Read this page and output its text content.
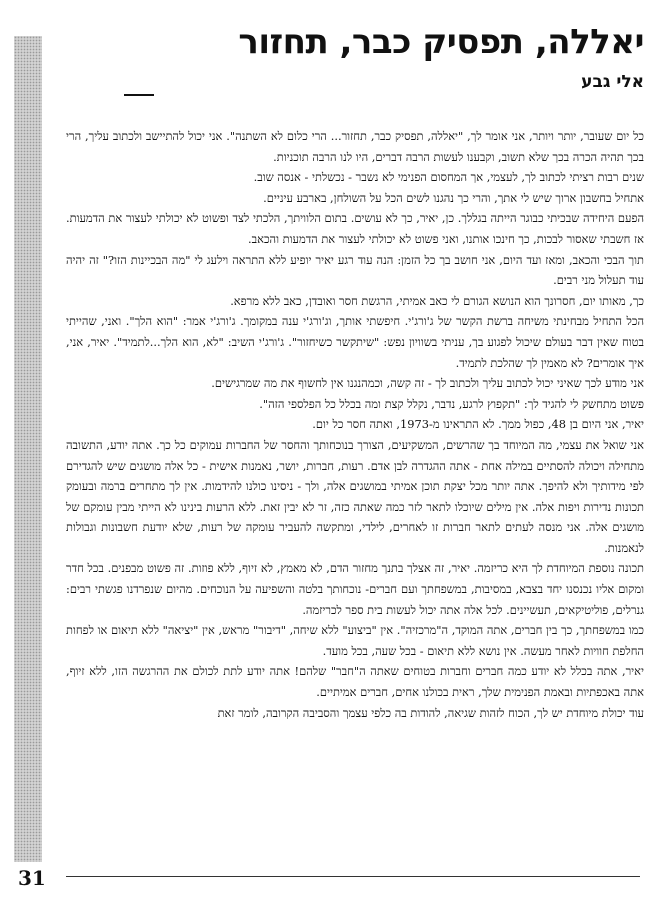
יאללה, תפסיק כבר, תחזור
אלי גבע

כל יום שעובר, יותר ויותר, אני אומר לך, "יאללה, תפסיק כבר, תחזור... הרי כלום לא השתנה". אני יכול להתיישב ולכתוב עליך, הרי בכך תהיה הכרה בכך שלא תשוב, וקבענו לעשות הרבה דברים, היו לנו הרבה תוכניות.

שנים רבות רציתי לכתוב לך, לעצמי, אך המחסום הפנימי לא נשבר - נכשלתי - אנסה שוב.

אתחיל בחשבון ארוך שיש לי אתך, והרי כך נהגנו לשים הכל על השולחן, בארבע עיניים.

הפעם היחידה שבכיתי כבוגר הייתה בגללך. כן, יאיר, כך לא עושים. בתום הלוויתך, הלכתי לצד ופשוט לא יכולתי לעצור את הדמעות. אז חשבתי שאסור לבכות, כך חינכו אותנו, ואני פשוט לא יכולתי לעצור את הדמעות והכאב.

תוך הבכי והכאב, ומאז ועד היום, אני חושב בך כל הזמן: הנה עוד רגע יאיר יופיע ללא התראה וילעג לי "מה הבכיינות הזו?" זה יהיה עוד תעלול מני רבים.

כך, מאותו יום, חסרונך הוא הנושא הגורם לי כאב אמיתי, הרגשת חסר ואובדן, כאב ללא מרפא.

הכל התחיל מבחינתי משיחה ברשת הקשר של ג'ורג'י. חיפשתי אותך, וג'ורג'י ענה במקומך. ג'ורג'י אמר: "הוא הלך". ואני, שהייתי בטוח שאין דבר בעולם שיכול לפגוע בך, עניתי בשוויון נפש: "שיתקשר כשיחזור". ג'ורג'י השיב: "לא, הוא הלך...לתמיד". יאיר, אני, איך אומרים? לא מאמין לך שהלכת לתמיד.

אני מודע לכך שאיני יכול לכתוב עליך ולכתוב לך - זה קשה, וכמהנגנו אין לחשוף את מה שמרגישים.

פשוט מתחשק לי להגיד לך: "תקפוץ לרגע, נדבר, נקלל קצת ומה בכלל כל הפלספי הזה".

יאיר, אני היום בן 48, כפול ממך. לא התראינו מ-1973, ואתה חסר כל יום.

אני שואל את עצמי, מה המיוחד בך שהרשים, המשקיעים, הצורך בנוכחותך והחסר של החברות עמוקים כל כך. אתה יודע, התשובה מתחילה ויכולה להסתיים במילה אחת - אתה ההגדרה לבן אדם. רעות, חברות, יושר, נאמנות אישית - כל אלה מושגים שיש להגדירם לפי מידותיך ולא להיפך. אתה יותר מכל יצקת תוכן אמיתי במושגים אלה, ולך - ניסינו כולנו להידמות. אין לך מתחרים ברמה ובעומק תכונות נדירות ויפות אלה. אין מילים שיוכלו לתאר לזר כמה שאתה כזה, זר לא יבין זאת. ללא הרעות בינינו לא הייתי מבין עומקם של מושגים אלה. אני מנסה לעתים לתאר חברות זו לאחרים, לילדי, ומתקשה להעביר עומקה של רעות, שלא יודעת חשבונות וגבולות לנאמנות.

תכונה נוספת המיוחדת לך היא כריזמה. יאיר, זה אצלך בתנך מחזור הדם, לא מאמץ, לא זיוף, ללא פוזות. זה פשוט מבפנים. בכל חדר ומקום אליו נכנסנו יחד בצבא, במסיבות, במשפחתך ועם חברים- נוכחותך בלטה והשפיעה על הנוכחים. מהיום שנפרדנו פגשתי רבים: גנרלים, פוליטיקאים, תעשיינים. לכל אלה אתה יכול לעשות בית ספר לכריזמה.

כמו במשפחתך, כך בין חברים, אתה המוקד, ה"מרכזיה". אין "ביצוע" ללא שיחה, "דיבור" מראש, אין "יציאה" ללא תיאום או לפחות החלפת חוויות לאחר מעשה. אין נושא ללא תיאום - בכל שעה, בכל מועד.

יאיר, אתה בכלל לא יודע כמה חברים וחברות בטוחים שאתה ה"חבר" שלהם! אתה יודע לתת לכולם את ההרגשה הזו, ללא זיוף, אתה באכפתיות ובאמת הפנימית שלך, ראית בכולנו אחים, חברים אמיתיים.

עוד יכולת מיוחדת יש לך, הכוח לזהות שגיאה, להודות בה כלפי עצמך והסביבה הקרובה, לומר זאת

31
